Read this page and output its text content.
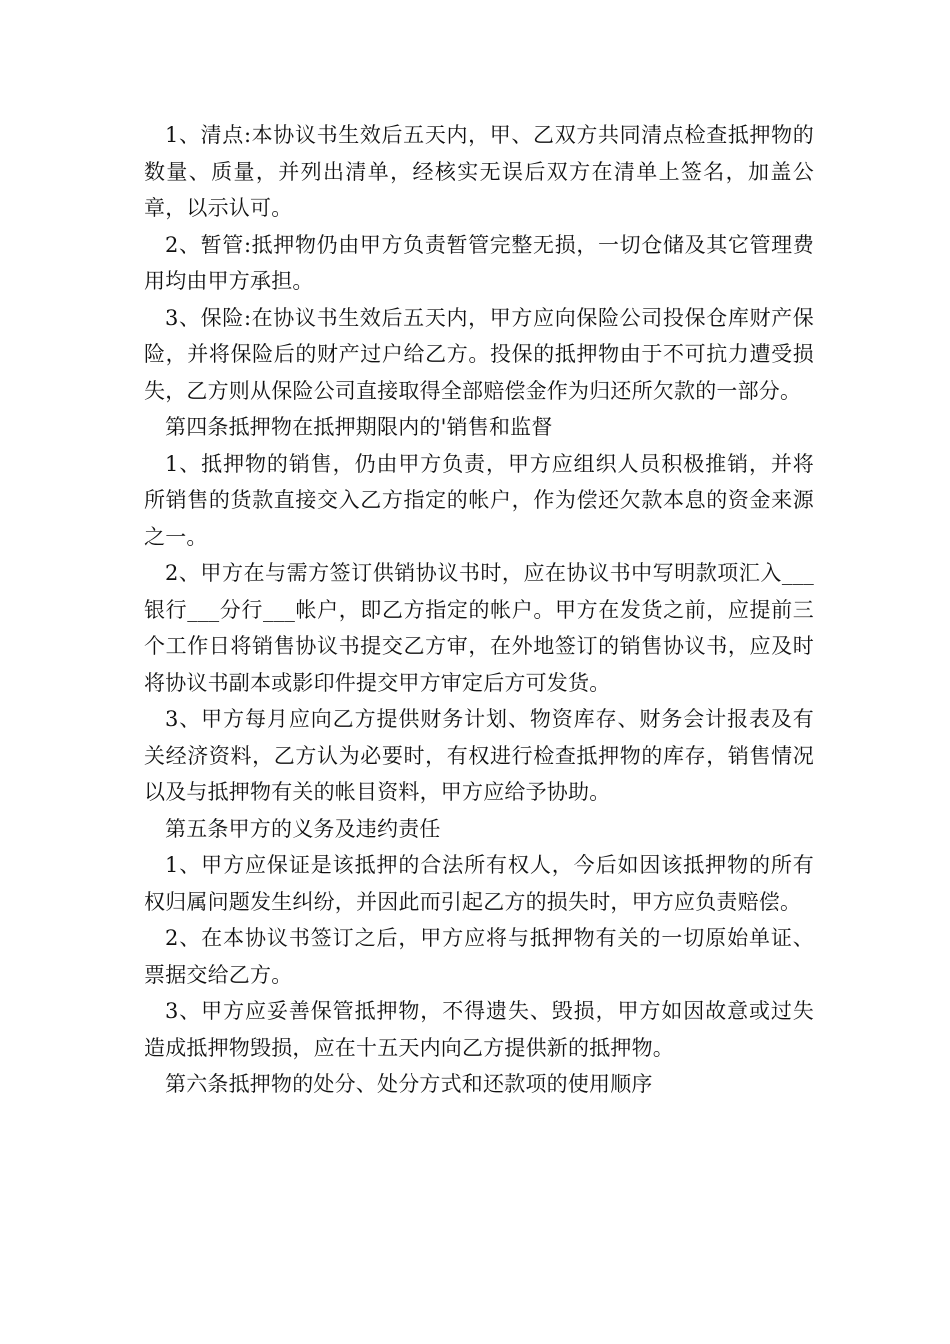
1、清点:本协议书生效后五天内，甲、乙双方共同清点检查抵押物的数量、质量，并列出清单，经核实无误后双方在清单上签名，加盖公章，以示认可。

2、暂管:抵押物仍由甲方负责暂管完整无损，一切仓储及其它管理费用均由甲方承担。

3、保险:在协议书生效后五天内，甲方应向保险公司投保仓库财产保险，并将保险后的财产过户给乙方。投保的抵押物由于不可抗力遭受损失，乙方则从保险公司直接取得全部赔偿金作为归还所欠款的一部分。

第四条抵押物在抵押期限内的'销售和监督

1、抵押物的销售，仍由甲方负责，甲方应组织人员积极推销，并将所销售的货款直接交入乙方指定的帐户，作为偿还欠款本息的资金来源之一。

2、甲方在与需方签订供销协议书时，应在协议书中写明款项汇入___银行___分行___帐户，即乙方指定的帐户。甲方在发货之前，应提前三个工作日将销售协议书提交乙方审，在外地签订的销售协议书，应及时将协议书副本或影印件提交甲方审定后方可发货。

3、甲方每月应向乙方提供财务计划、物资库存、财务会计报表及有关经济资料，乙方认为必要时，有权进行检查抵押物的库存，销售情况以及与抵押物有关的帐目资料，甲方应给予协助。

第五条甲方的义务及违约责任

1、甲方应保证是该抵押的合法所有权人，今后如因该抵押物的所有权归属问题发生纠纷，并因此而引起乙方的损失时，甲方应负责赔偿。

2、在本协议书签订之后，甲方应将与抵押物有关的一切原始单证、票据交给乙方。

3、甲方应妥善保管抵押物，不得遗失、毁损，甲方如因故意或过失造成抵押物毁损，应在十五天内向乙方提供新的抵押物。

第六条抵押物的处分、处分方式和还款项的使用顺序
